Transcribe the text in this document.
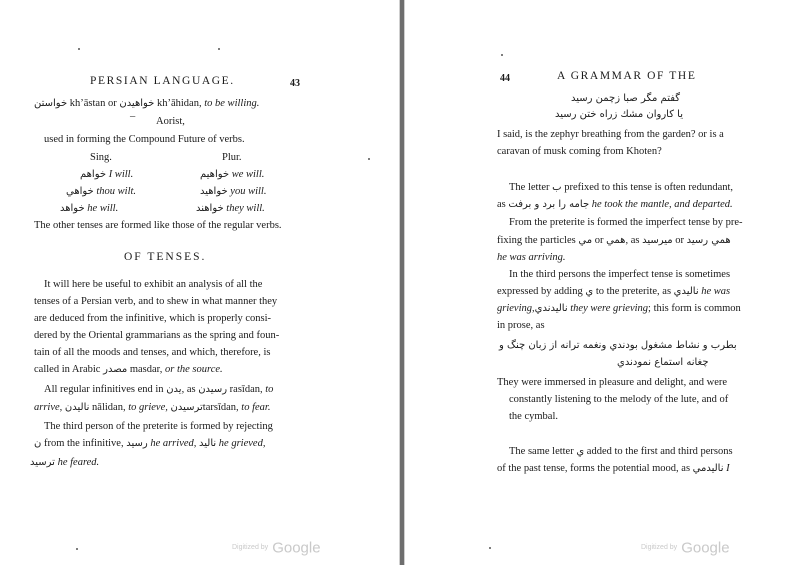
PERSIAN LANGUAGE.	43
خواستن khʼāstan or خواهيدن khʼāhidan, to be willing.
– Aorist,
used in forming the Compound Future of verbs.
Sing.	Plur.
خواهم I will.	خواهيم we will.
خواهي thou wilt.	خواهيد you will.
خواهد he will.	خواهند they will.
The other tenses are formed like those of the regular verbs.
OF TENSES.
It will here be useful to exhibit an analysis of all the
tenses of a Persian verb, and to shew in what manner they
are deduced from the infinitive, which is properly consi-
dered by the Oriental grammarians as the spring and foun-
tain of all the moods and tenses, and which, therefore, is
called in Arabic مصدر masdar, or the source.
All regular infinitives end in يدن, as رسيدن rasīdan, to
arrive, ناليدن nālidan, to grieve, ترسيدنtarsīdan, to fear.
The third person of the preterite is formed by rejecting
ن from the infinitive, رسيد he arrived, ناليد he grieved,
ترسيد he feared.
Digitized by Google
44	A GRAMMAR OF THE
گفتم مگر صبا زچمن رسيد
يا كاروان مشك زراه ختن رسيد
I said, is the zephyr breathing from the garden? or is a
caravan of musk coming from Khoten?
The letter ب prefixed to this tense is often redundant,
as جامه را برد و برفت he took the mantle, and departed.
From the preterite is formed the imperfect tense by pre-
fixing the particles مي or همي, as ميرسيد or همي رسيد
he was arriving.
In the third persons the imperfect tense is sometimes
expressed by adding ي to the preterite, as ناليدي he was
grieving,ناليدندي they were grieving; this form is common
in prose, as
بطرب و نشاط مشغول بودندي ونغمه ترانه از زبان چنگ و
چغانه استماع نمودندي
They were immersed in pleasure and delight, and were
constantly listening to the melody of the lute, and of
the cymbal.
The same letter ي added to the first and third persons
of the past tense, forms the potential mood, as ناليدمي I
Digitized by Google
